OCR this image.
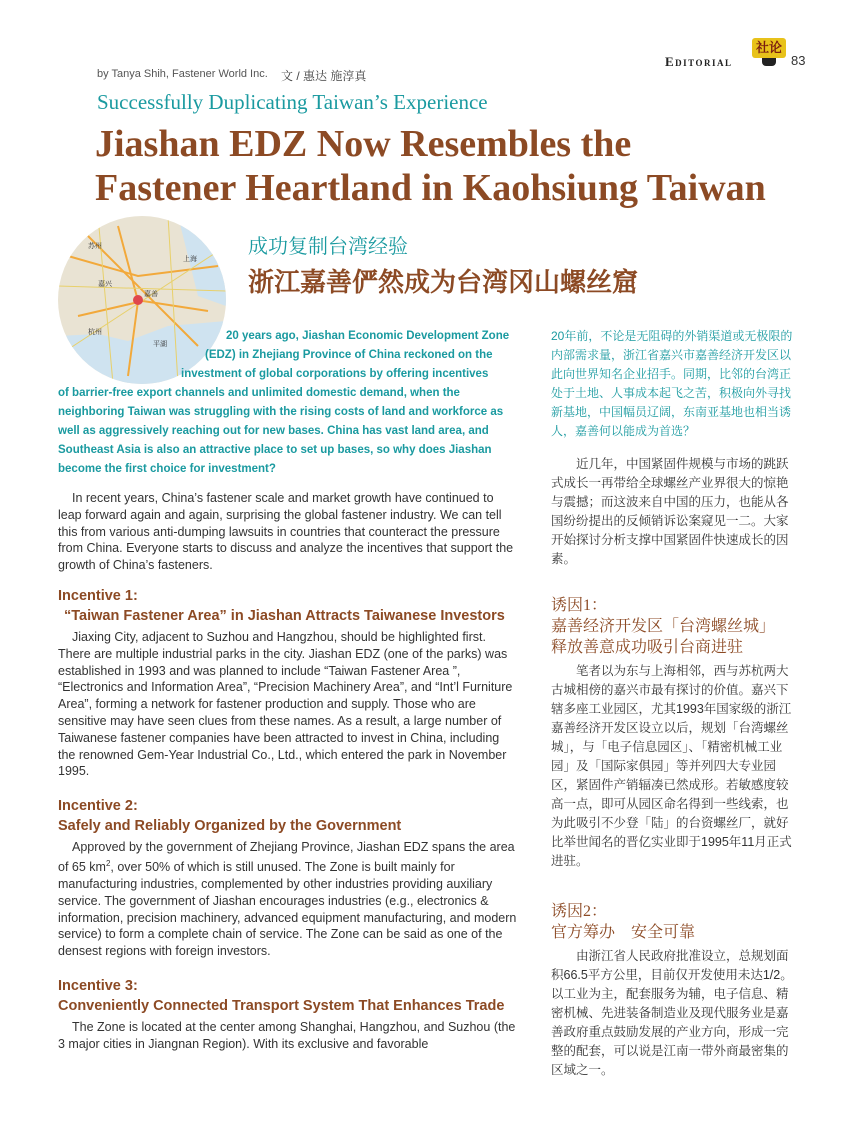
by Tanya Shih, Fastener World Inc. 文 / 惠达 施淳真
Editorial
社论
83
Successfully Duplicating Taiwan’s Experience
Jiashan EDZ Now Resembles the
Fastener Heartland in Kaohsiung Taiwan
苏州
上海
嘉兴
嘉善
杭州
平湖
成功复制台湾经验
浙江嘉善俨然成为台湾冈山螺丝窟
20 years ago, Jiashan Economic Development Zone
(EDZ) in Zhejiang Province of China reckoned on the
investment of global corporations by offering incentives
of barrier-free export channels and unlimited domestic demand, when the neighboring Taiwan was struggling with the rising costs of land and workforce as well as aggressively reaching out for new bases. China has vast land area, and Southeast Asia is also an attractive place to set up bases, so why does Jiashan become the first choice for investment?
20年前，不论是无阻碍的外销渠道或无极限的内部需求量，浙江省嘉兴市嘉善经济开发区以此向世界知名企业招手。同期，比邻的台湾正处于土地、人事成本起飞之苦，积极向外寻找新基地，中国幅员辽阔，东南亚基地也相当诱人，嘉善何以能成为首选？

In recent years, China’s fastener scale and market growth have continued to leap forward again and again, surprising the global fastener industry. We can tell this from various anti-dumping lawsuits in countries that counteract the pressure from China. Everyone starts to discuss and analyze the incentives that support the growth of China’s fasteners.

Incentive 1:
“Taiwan Fastener Area” in Jiashan Attracts Taiwanese Investors

Jiaxing City, adjacent to Suzhou and Hangzhou, should be highlighted first. There are multiple industrial parks in the city. Jiashan EDZ (one of the parks) was established in 1993 and was planned to include “Taiwan Fastener Area ”, “Electronics and Information Area”, “Precision Machinery Area”, and “Int’l Furniture Area”, forming a network for fastener production and supply. Those who are sensitive may have seen clues from these names. As a result, a large number of Taiwanese fastener companies have been attracted to invest in China, including the renowned Gem-Year Industrial Co., Ltd., which entered the park in November 1995.

Incentive 2:
Safely and Reliably Organized by the Government

Approved by the government of Zhejiang Province, Jiashan EDZ spans the area of 65 $km^2$, over 50% of which is still unused. The Zone is built mainly for manufacturing industries, complemented by other industries providing auxiliary service. The government of Jiashan encourages industries (e.g., electronics & information, precision machinery, advanced equipment manufacturing, and modern service) to form a complete chain of service. The Zone can be said as one of the densest regions with foreign investors.

Incentive 3:
Conveniently Connected Transport System That Enhances Trade

The Zone is located at the center among Shanghai, Hangzhou, and Suzhou (the 3 major cities in Jiangnan Region). With its exclusive and favorable

近几年，中国紧固件规模与市场的跳跃式成长一再带给全球螺丝产业界很大的惊艳与震撼；而这波来自中国的压力，也能从各国纷纷提出的反倾销诉讼案窥见一二。大家开始探讨分析支撑中国紧固件快速成长的因素。

诱因1：
嘉善经济开发区「台湾螺丝城」
释放善意成功吸引台商进驻

笔者以为东与上海相邻，西与苏杭两大古城相傍的嘉兴市最有探讨的价值。嘉兴下辖多座工业园区，尤其1993年国家级的浙江嘉善经济开发区设立以后，规划「台湾螺丝城」，与「电子信息园区」、「精密机械工业园」及「国际家俱园」等并列四大专业园区，紧固件产销辐凑已然成形。若敏感度较高一点，即可从园区命名得到一些线索，也为此吸引不少登「陆」的台资螺丝厂，就好比举世闻名的晋亿实业即于1995年11月正式进驻。

诱因2：
官方筹办　安全可靠

由浙江省人民政府批准设立，总规划面积66.5平方公里，目前仅开发使用未达1/2。以工业为主，配套服务为辅，电子信息、精密机械、先进装备制造业及现代服务业是嘉善政府重点鼓励发展的产业方向，形成一完整的配套，可以说是江南一带外商最密集的区域之一。
